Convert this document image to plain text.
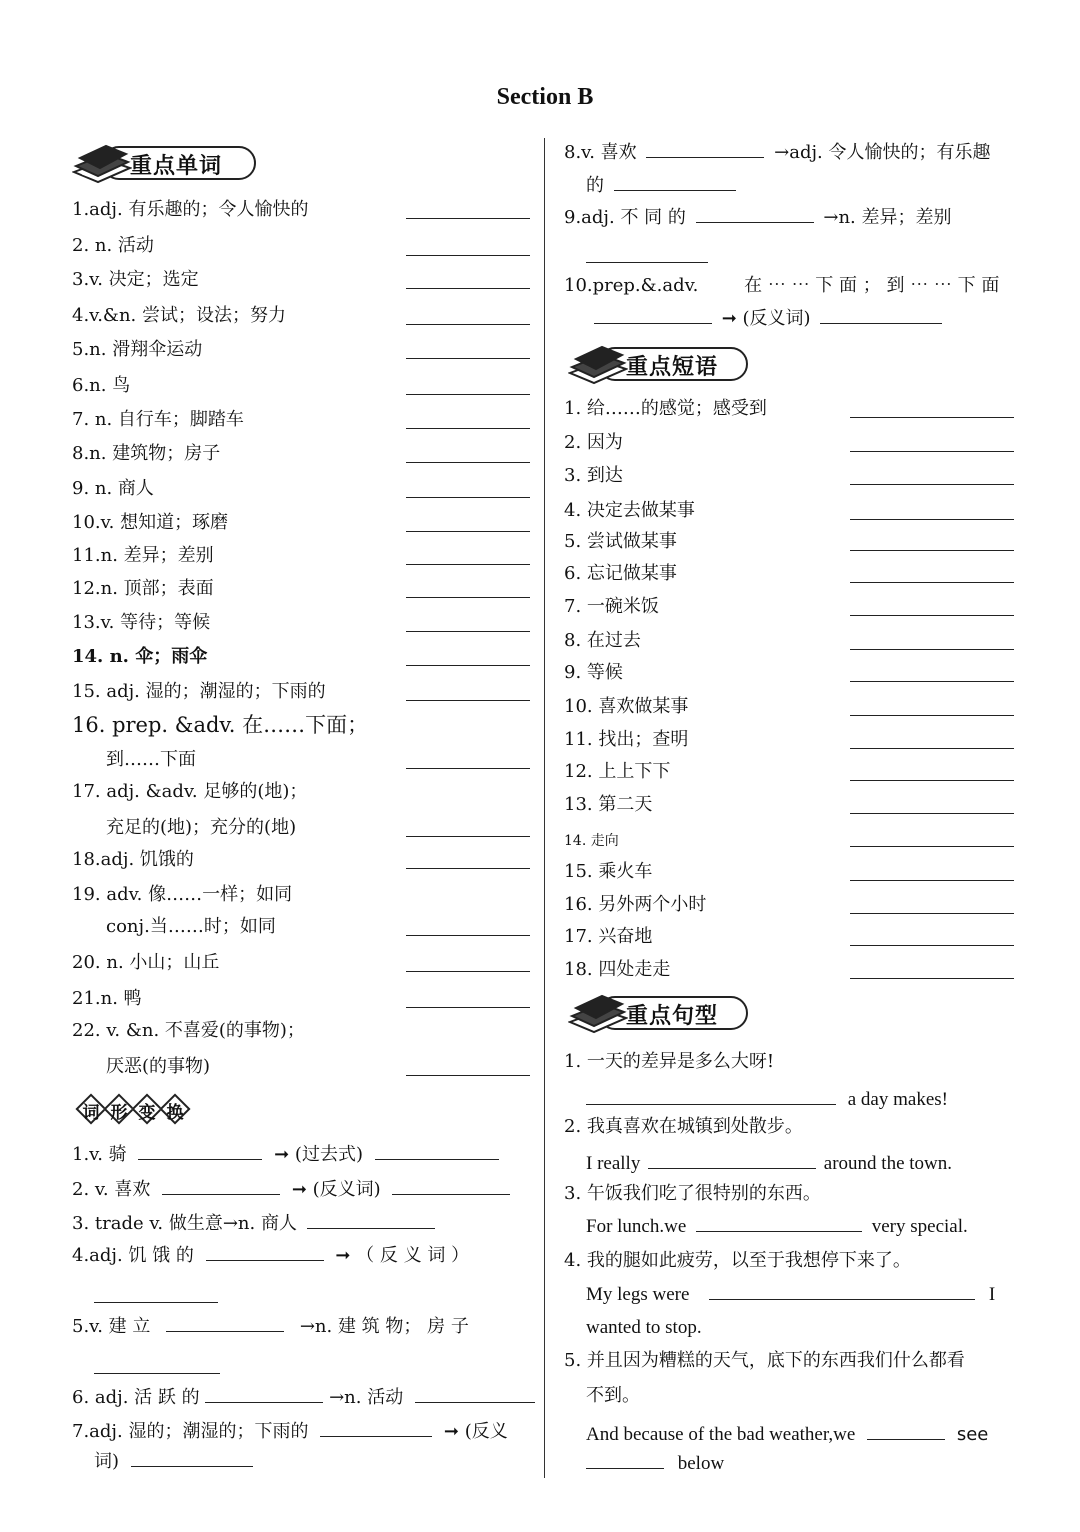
Section B
重点单词
1.adj. 有乐趣的；令人愉快的
2. n. 活动
3.v. 决定；选定
4.v.&n. 尝试；设法；努力
5.n. 滑翔伞运动
6.n. 鸟
7. n. 自行车；脚踏车
8.n. 建筑物；房子
9. n. 商人
10.v. 想知道；琢磨
11.n. 差异；差别
12.n. 顶部；表面
13.v. 等待；等候
14. n. 伞；雨伞
15. adj. 湿的；潮湿的；下雨的
16. prep. &adv. 在……下面；
到……下面
17. adj. &adv. 足够的(地)；
充足的(地)；充分的(地)
18.adj. 饥饿的
19. adv. 像……一样；如同
conj.当……时；如同
20. n. 小山；山丘
21.n. 鸭
22. v. &n. 不喜爱(的事物)；
厌恶(的事物)
词 形 变 换
1.v. 骑	➞ (过去式)
2. v. 喜欢	➞ (反义词)
3. trade v. 做生意→n. 商人
4.adj. 饥 饿 的	➞ （ 反 义 词 ）
5.v. 建 立	→n. 建 筑 物； 房 子
6. adj. 活 跃 的	→n. 活动
7.adj. 湿的；潮湿的；下雨的	➞ (反义
词)
8.v. 喜欢	→adj. 令人愉快的；有乐趣
的
9.adj. 不 同 的	→n. 差异；差别
10.prep.&.adv.	在 ⋯ ⋯ 下 面 ； 到 ⋯ ⋯ 下 面
➞ (反义词)
重点短语
1. 给……的感觉；感受到
2. 因为
3. 到达
4. 决定去做某事
5. 尝试做某事
6. 忘记做某事
7. 一碗米饭
8. 在过去
9. 等候
10. 喜欢做某事
11. 找出；查明
12. 上上下下
13. 第二天
14. 走向
15. 乘火车
16. 另外两个小时
17. 兴奋地
18. 四处走走
重点句型
1. 一天的差异是多么大呀!
a day makes!
2. 我真喜欢在城镇到处散步。
I really	around the town.
3. 午饭我们吃了很特别的东西。
For lunch.we	very special.
4. 我的腿如此疲劳，以至于我想停下来了。
My legs were	I
wanted to stop.
5. 并且因为糟糕的天气，底下的东西我们什么都看
不到。
And because of the bad weather,we	see
below
